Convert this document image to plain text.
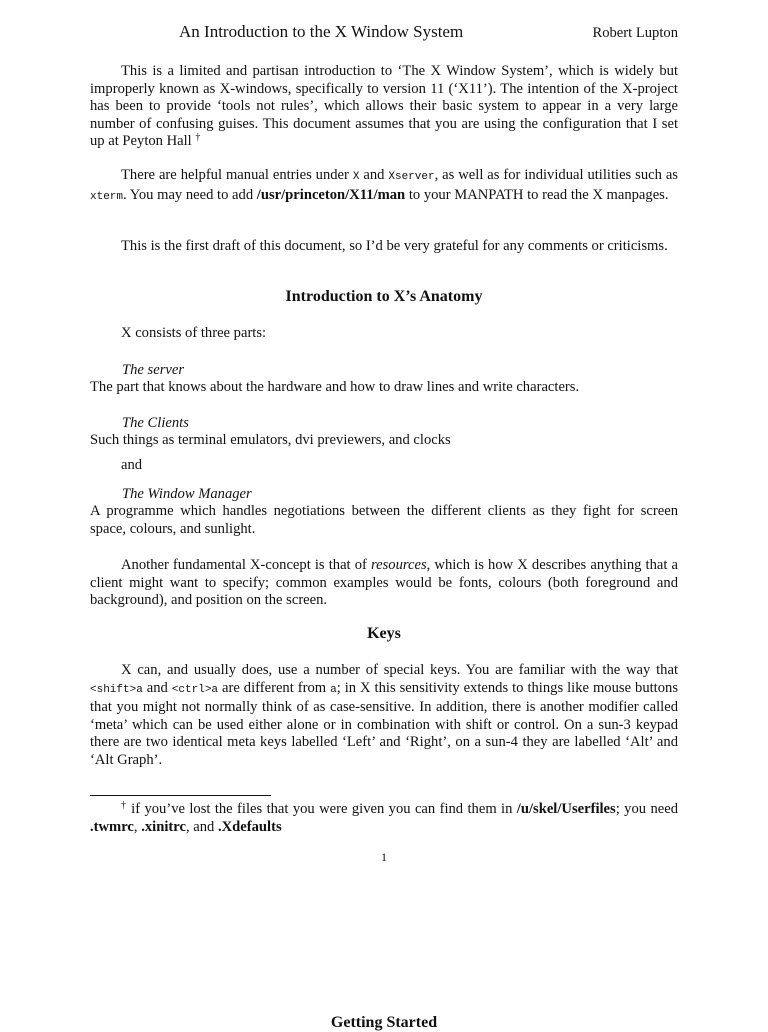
An Introduction to the X Window System	Robert Lupton

This is a limited and partisan introduction to ‘The X Window System’, which is widely but improperly known as X-windows, specifically to version 11 (‘X11’). The intention of the X-project has been to provide ‘tools not rules’, which allows their basic system to appear in a very large number of confusing guises. This document assumes that you are using the configuration that I set up at Peyton Hall †

There are helpful manual entries under X and Xserver, as well as for individual utilities such as xterm. You may need to add /usr/princeton/X11/man to your MANPATH to read the X manpages.

This is the first draft of this document, so I’d be very grateful for any comments or criticisms.

Introduction to X’s Anatomy

X consists of three parts:

The server

The part that knows about the hardware and how to draw lines and write characters.

The Clients

Such things as terminal emulators, dvi previewers, and clocks

and

The Window Manager

A programme which handles negotiations between the different clients as they fight for screen space, colours, and sunlight.

Another fundamental X-concept is that of resources, which is how X describes anything that a client might want to specify; common examples would be fonts, colours (both foreground and background), and position on the screen.

Keys

X can, and usually does, use a number of special keys. You are familiar with the way that <shift>a and <ctrl>a are different from a; in X this sensitivity extends to things like mouse buttons that you might not normally think of as case-sensitive. In addition, there is another modifier called ‘meta’ which can be used either alone or in combination with shift or control. On a sun-3 keypad there are two identical meta keys labelled ‘Left’ and ‘Right’, on a sun-4 they are labelled ‘Alt’ and ‘Alt Graph’.

† if you’ve lost the files that you were given you can find them in /u/skel/Userfiles; you need .twmrc, .xinitrc, and .Xdefaults

1
Getting Started
